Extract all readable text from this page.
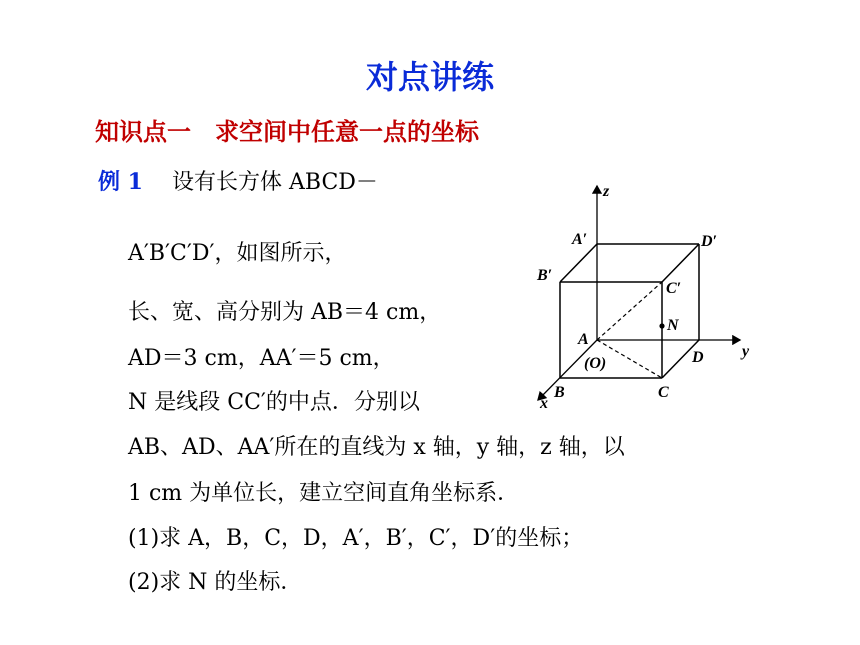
对点讲练
知识点一　求空间中任意一点的坐标
例 1 设有长方体 ABCD－
A′B′C′D′，如图所示，
长、宽、高分别为 AB＝4 cm，
AD＝3 cm，AA′＝5 cm，
N 是线段 CC′的中点．分别以
AB、AD、AA′所在的直线为 x 轴，y 轴，z 轴，以
1 cm 为单位长，建立空间直角坐标系．
(1)求 A，B，C，D，A′，B′，C′，D′的坐标；
(2)求 N 的坐标．
z
y
x
A′	D′
B′
C′
N
A
(O)	D
B	C
